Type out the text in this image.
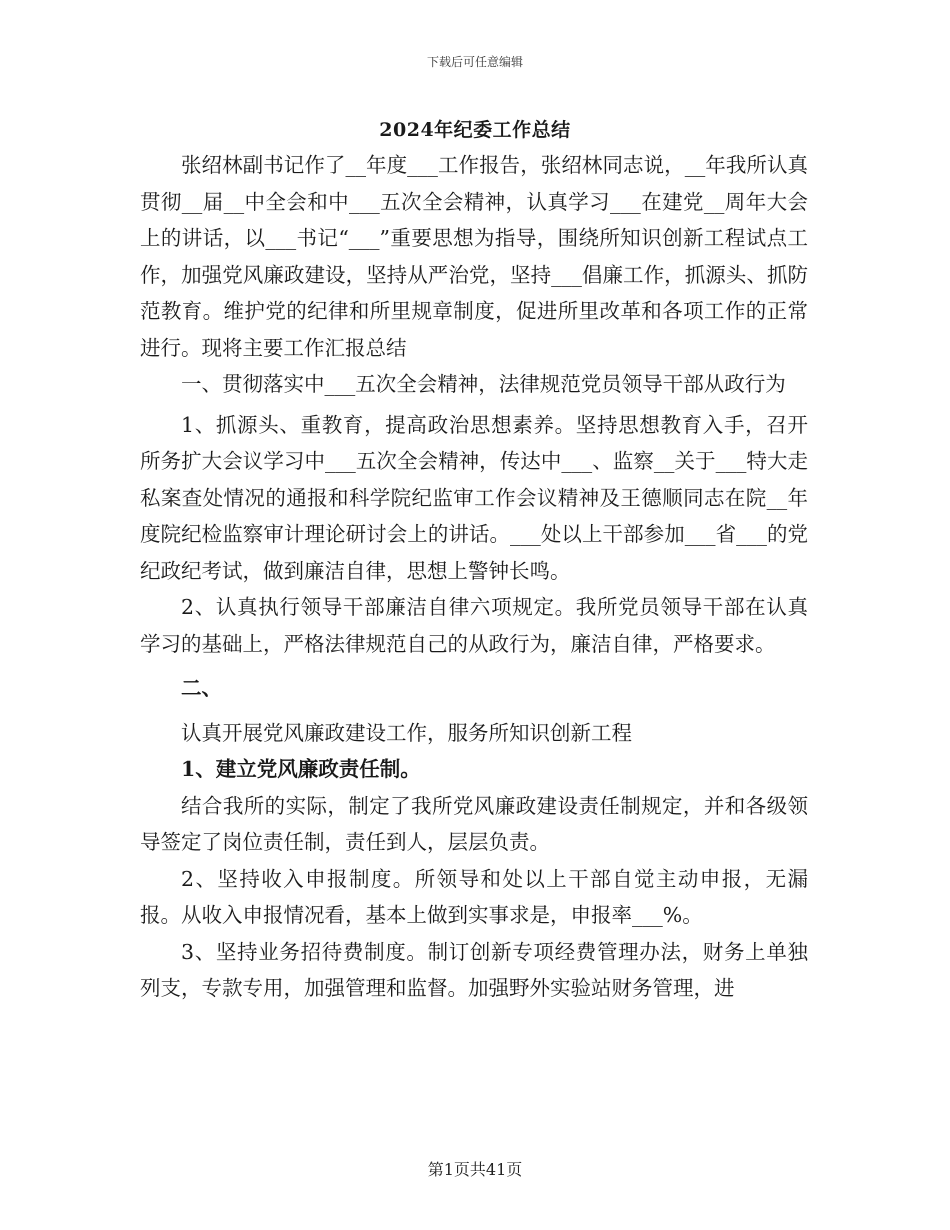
下载后可任意编辑
2024年纪委工作总结

张绍林副书记作了__年度___工作报告，张绍林同志说，__年我所认真贯彻__届__中全会和中___五次全会精神，认真学习___在建党__周年大会上的讲话，以___书记“___”重要思想为指导，围绕所知识创新工程试点工作，加强党风廉政建设，坚持从严治党，坚持___倡廉工作，抓源头、抓防范教育。维护党的纪律和所里规章制度，促进所里改革和各项工作的正常进行。现将主要工作汇报总结

一、贯彻落实中___五次全会精神，法律规范党员领导干部从政行为

1、抓源头、重教育，提高政治思想素养。坚持思想教育入手，召开所务扩大会议学习中___五次全会精神，传达中___、监察__关于___特大走私案查处情况的通报和科学院纪监审工作会议精神及王德顺同志在院__年度院纪检监察审计理论研讨会上的讲话。___处以上干部参加___省___的党纪政纪考试，做到廉洁自律，思想上警钟长鸣。

2、认真执行领导干部廉洁自律六项规定。我所党员领导干部在认真学习的基础上，严格法律规范自己的从政行为，廉洁自律，严格要求。

二、

认真开展党风廉政建设工作，服务所知识创新工程

1、建立党风廉政责任制。

结合我所的实际，制定了我所党风廉政建设责任制规定，并和各级领导签定了岗位责任制，责任到人，层层负责。

2、坚持收入申报制度。所领导和处以上干部自觉主动申报，无漏报。从收入申报情况看，基本上做到实事求是，申报率___%。

3、坚持业务招待费制度。制订创新专项经费管理办法，财务上单独列支，专款专用，加强管理和监督。加强野外实验站财务管理，进

第1页共41页
